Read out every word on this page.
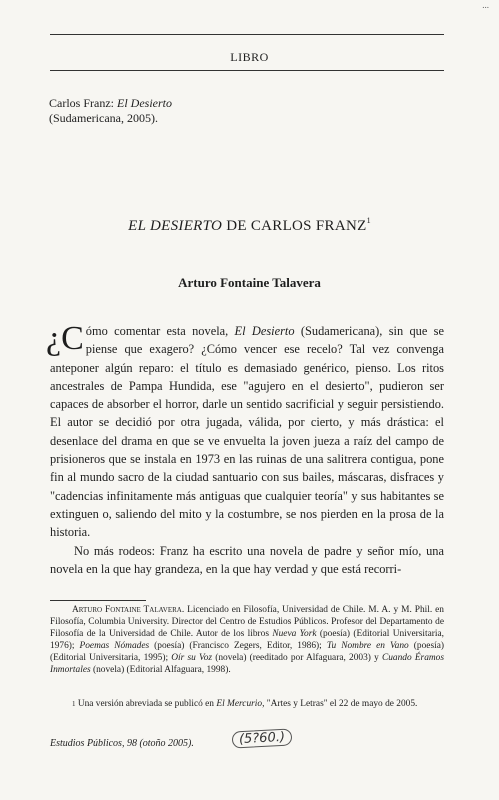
...
LIBRO
Carlos Franz: El Desierto
(Sudamericana, 2005).
EL DESIERTO DE CARLOS FRANZ$^1$
Arturo Fontaine Talavera

¿C ómo comentar esta novela, El Desierto (Sudamericana), sin que se piense que exagero? ¿Cómo vencer ese recelo? Tal vez convenga anteponer algún reparo: el título es demasiado genérico, pienso. Los ritos ancestrales de Pampa Hundida, ese "agujero en el desierto", pudieron ser capaces de absorber el horror, darle un sentido sacrificial y seguir persistiendo. El autor se decidió por otra jugada, válida, por cierto, y más drástica: el desenlace del drama en que se ve envuelta la joven jueza a raíz del campo de prisioneros que se instala en 1973 en las ruinas de una salitrera contigua, pone fin al mundo sacro de la ciudad santuario con sus bailes, máscaras, disfraces y "cadencias infinitamente más antiguas que cualquier teoría" y sus habitantes se extinguen o, saliendo del mito y la costumbre, se nos pierden en la prosa de la historia.

No más rodeos: Franz ha escrito una novela de padre y señor mío, una novela en la que hay grandeza, en la que hay verdad y que está recorri-

Arturo Fontaine Talavera. Licenciado en Filosofía, Universidad de Chile. M. A. y M. Phil. en Filosofía, Columbia University. Director del Centro de Estudios Públicos. Profesor del Departamento de Filosofía de la Universidad de Chile. Autor de los libros Nueva York (poesía) (Editorial Universitaria, 1976); Poemas Nómades (poesía) (Francisco Zegers, Editor, 1986); Tu Nombre en Vano (poesía) (Editorial Universitaria, 1995); Oír su Voz (novela) (reeditado por Alfaguara, 2003) y Cuando Éramos Inmortales (novela) (Editorial Alfaguara, 1998).
$^1$ Una versión abreviada se publicó en El Mercurio, "Artes y Letras" el 22 de mayo de 2005.
Estudios Públicos, 98 (otoño 2005).	(5?60.)
